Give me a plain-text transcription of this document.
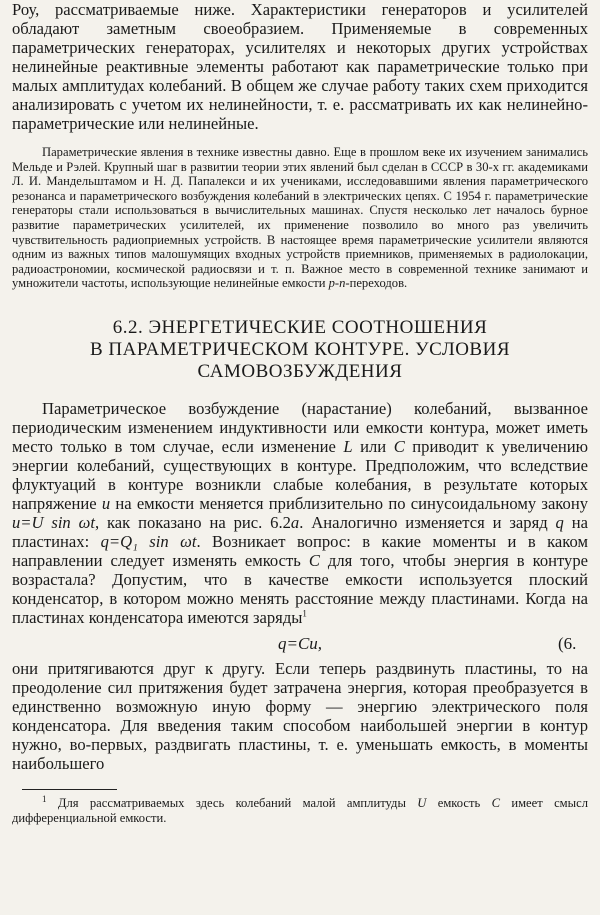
Роу, рассматриваемые ниже. Характеристики генераторов и усилителей обладают заметным своеобразием. Применяемые в современных параметрических генераторах, усилителях и некоторых других устройствах нелинейные реактивные элементы работают как параметрические только при малых амплитудах колебаний. В общем же случае работу таких схем приходится анализировать с учетом их нелинейности, т. е. рассматривать их как нелинейно-параметрические или нелинейные.

Параметрические явления в технике известны давно. Еще в прошлом веке их изучением занимались Мельде и Рэлей. Крупный шаг в развитии теории этих явлений был сделан в СССР в 30-х гг. академиками Л. И. Мандельштамом и Н. Д. Папалекси и их учениками, исследовавшими явления параметрического резонанса и параметрического возбуждения колебаний в электрических цепях. С 1954 г. параметрические генераторы стали использоваться в вычислительных машинах. Спустя несколько лет началось бурное развитие параметрических усилителей, их применение позволило во много раз увеличить чувствительность радиоприемных устройств. В настоящее время параметрические усилители являются одним из важных типов малошумящих входных устройств приемников, применяемых в радиолокации, радиоастрономии, космической радиосвязи и т. п. Важное место в современной технике занимают и умножители частоты, использующие нелинейные емкости p-n-переходов.

6.2. ЭНЕРГЕТИЧЕСКИЕ СООТНОШЕНИЯ
В ПАРАМЕТРИЧЕСКОМ КОНТУРЕ. УСЛОВИЯ
САМОВОЗБУЖДЕНИЯ

Параметрическое возбуждение (нарастание) колебаний, вызванное периодическим изменением индуктивности или емкости контура, может иметь место только в том случае, если изменение L или C приводит к увеличению энергии колебаний, существующих в контуре. Предположим, что вследствие флуктуаций в контуре возникли слабые колебания, в результате которых напряжение u на емкости меняется приблизительно по синусоидальному закону u=U sin ωt, как показано на рис. 6.2а. Аналогично изменяется и заряд q на пластинах: q=Q₁ sin ωt. Возникает вопрос: в какие моменты и в каком направлении следует изменять емкость C для того, чтобы энергия в контуре возрастала? Допустим, что в качестве емкости используется плоский конденсатор, в котором можно менять расстояние между пластинами. Когда на пластинах конденсатора имеются заряды$^1$

q=Cu,	(6.

они притягиваются друг к другу. Если теперь раздвинуть пластины, то на преодоление сил притяжения будет затрачена энергия, которая преобразуется в единственно возможную иную форму — энергию электрического поля конденсатора. Для введения таким способом наибольшей энергии в контур нужно, во-первых, раздвигать пластины, т. е. уменьшать емкость, в моменты наибольшего

$^1$ Для рассматриваемых здесь колебаний малой амплитуды U емкость C имеет смысл дифференциальной емкости.
